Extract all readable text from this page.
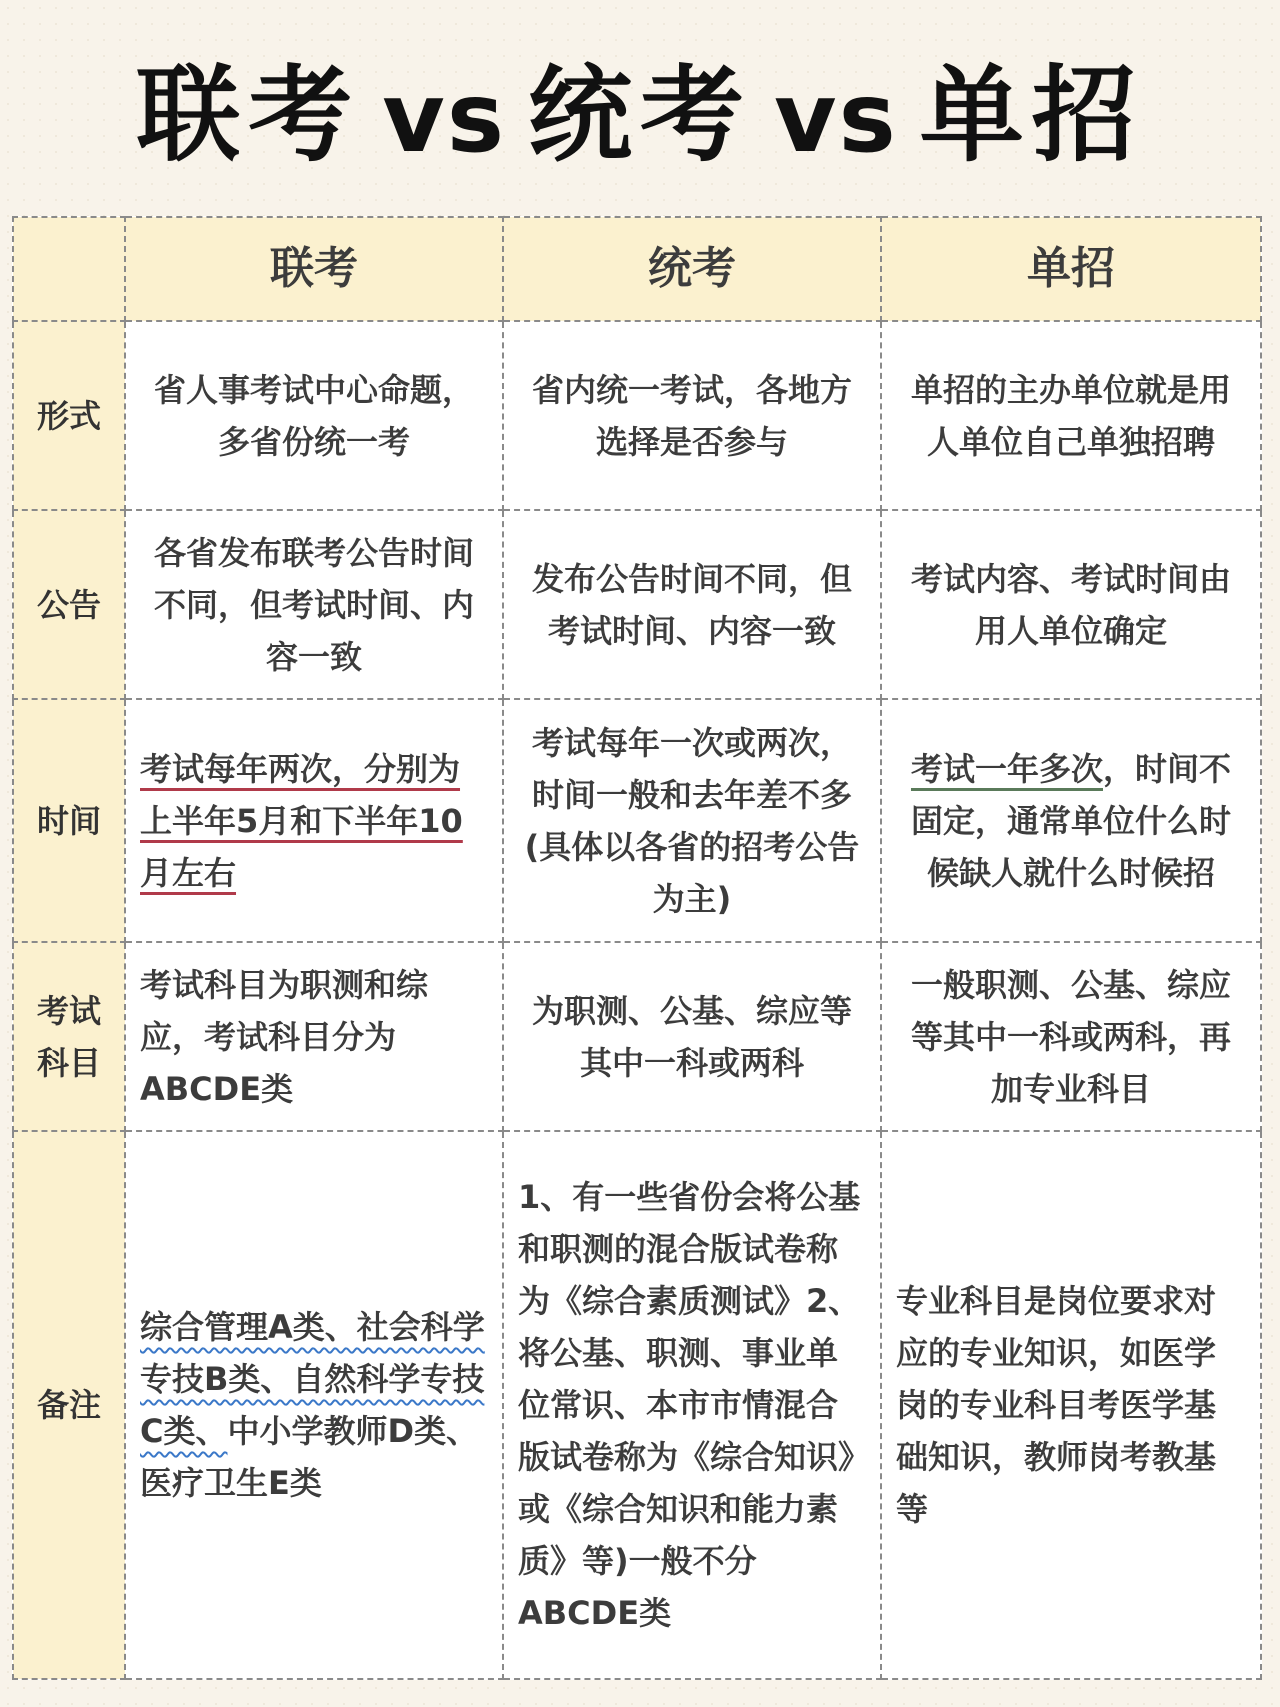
联考 vs 统考 vs 单招
	联考	统考	单招
形式	省人事考试中心命题，多省份统一考	省内统一考试，各地方选择是否参与	单招的主办单位就是用人单位自己单独招聘
公告	各省发布联考公告时间不同，但考试时间、内容一致	发布公告时间不同，但考试时间、内容一致	考试内容、考试时间由用人单位确定
时间	考试每年两次，分别为上半年5月和下半年10月左右	考试每年一次或两次，时间一般和去年差不多(具体以各省的招考公告为主)	考试一年多次，时间不固定，通常单位什么时候缺人就什么时候招
考试
科目	考试科目为职测和综应，考试科目分为ABCDE类	为职测、公基、综应等其中一科或两科	一般职测、公基、综应等其中一科或两科，再加专业科目
备注	综合管理A类、社会科学专技B类、自然科学专技C类、中小学教师D类、医疗卫生E类	1、有一些省份会将公基和职测的混合版试卷称为《综合素质测试》2、将公基、职测、事业单位常识、本市市情混合版试卷称为《综合知识》或《综合知识和能力素质》等)一般不分ABCDE类	专业科目是岗位要求对应的专业知识，如医学岗的专业科目考医学基础知识，教师岗考教基等
